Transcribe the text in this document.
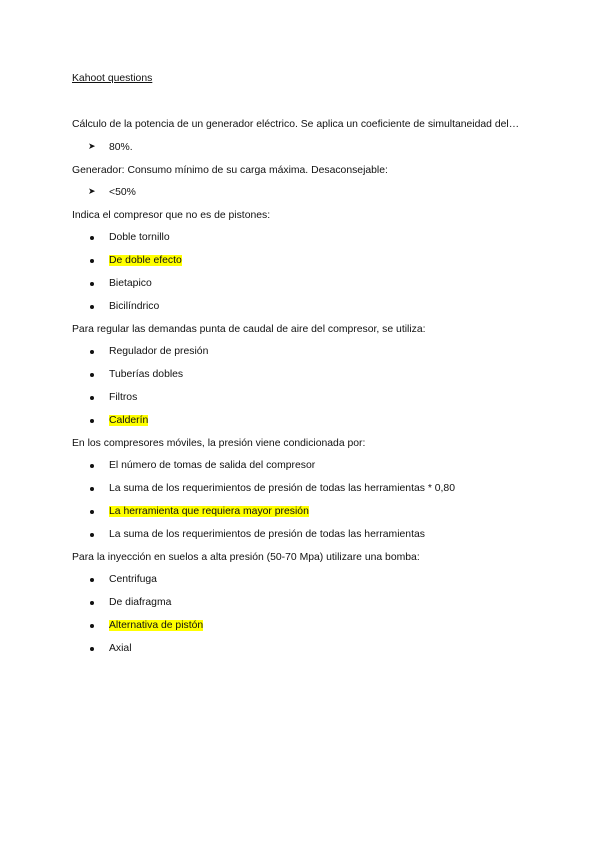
Kahoot questions
Cálculo de la potencia de un generador eléctrico. Se aplica un coeficiente de simultaneidad del…
80%.
Generador: Consumo mínimo de su carga máxima. Desaconsejable:
<50%
Indica el compresor que no es de pistones:
Doble tornillo
De doble efecto
Bietapico
Bicilíndrico
Para regular las demandas punta de caudal de aire del compresor, se utiliza:
Regulador de presión
Tuberías dobles
Filtros
Calderín
En los compresores móviles, la presión viene condicionada por:
El número de tomas de salida del compresor
La suma de los requerimientos de presión de todas las herramientas * 0,80
La herramienta que requiera mayor presión
La suma de los requerimientos de presión de todas las herramientas
Para la inyección en suelos a alta presión (50-70 Mpa) utilizare una bomba:
Centrifuga
De diafragma
Alternativa de pistón
Axial
